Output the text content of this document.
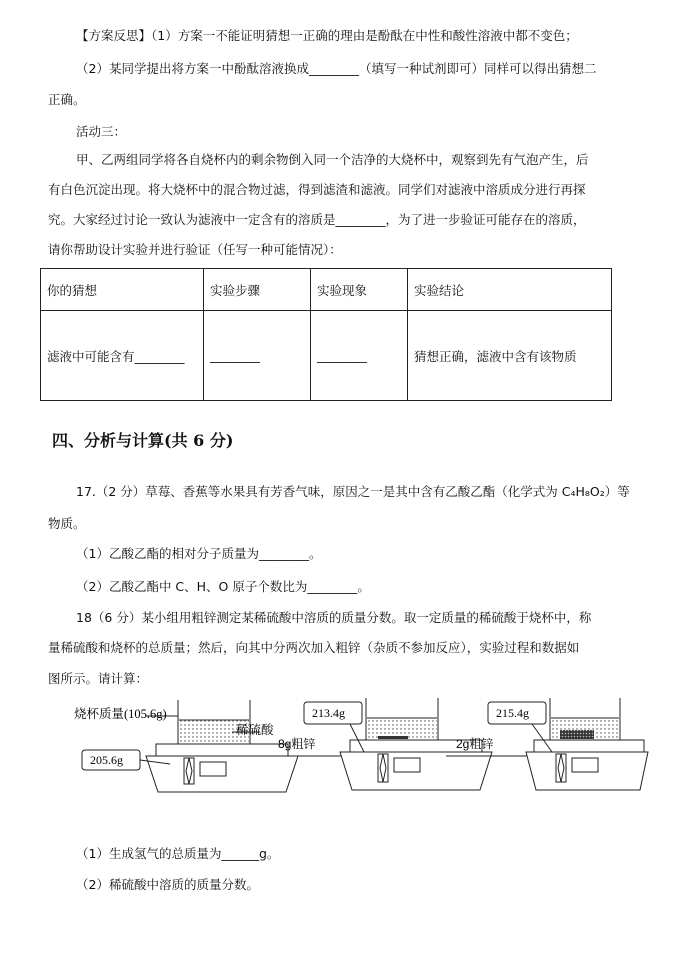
【方案反思】（1）方案一不能证明猜想一正确的理由是酚酞在中性和酸性溶液中都不变色；
（2）某同学提出将方案一中酚酞溶液换成________（填写一种试剂即可）同样可以得出猜想二
正确。
活动三：
甲、乙两组同学将各自烧杯内的剩余物倒入同一个洁净的大烧杯中，观察到先有气泡产生，后
有白色沉淀出现。将大烧杯中的混合物过滤，得到滤渣和滤液。同学们对滤液中溶质成分进行再探
究。大家经过讨论一致认为滤液中一定含有的溶质是________，为了进一步验证可能存在的溶质，
请你帮助设计实验并进行验证（任写一种可能情况）：
你的猜想	实验步骤	实验现象	实验结论
滤液中可能含有________	________	________	猜想正确，滤液中含有该物质
四、分析与计算(共 6 分)
17.（2 分）草莓、香蕉等水果具有芳香气味，原因之一是其中含有乙酸乙酯（化学式为 C₄H₈O₂）等
物质。
（1）乙酸乙酯的相对分子质量为________。
（2）乙酸乙酯中 C、H、O 原子个数比为________。
18（6 分）某小组用粗锌测定某稀硫酸中溶质的质量分数。取一定质量的稀硫酸于烧杯中，称
量稀硫酸和烧杯的总质量；然后，向其中分两次加入粗锌（杂质不参加反应），实验过程和数据如
图所示。请计算：
烧杯质量(105.6g)
稀硫酸
205.6g
8g粗锌
213.4g
2g粗锌
215.4g
（1）生成氢气的总质量为______g。
（2）稀硫酸中溶质的质量分数。
